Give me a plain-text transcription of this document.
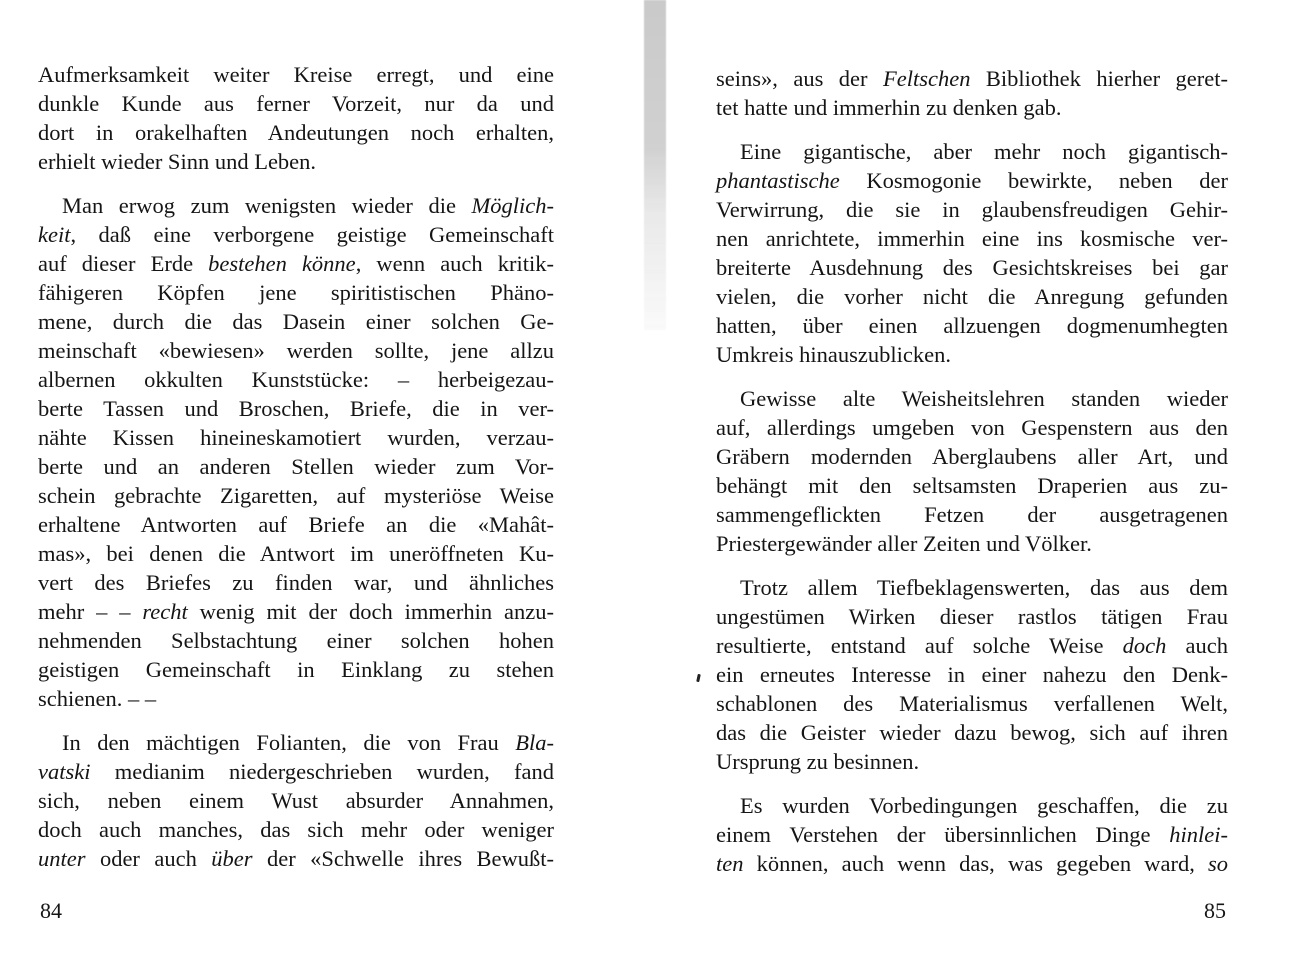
Aufmerksamkeit weiter Kreise erregt, und eine
dunkle Kunde aus ferner Vorzeit, nur da und
dort in orakelhaften Andeutungen noch erhalten,
erhielt wieder Sinn und Leben.
Man erwog zum wenigsten wieder die Möglich-
keit, daß eine verborgene geistige Gemeinschaft
auf dieser Erde bestehen könne, wenn auch kritik-
fähigeren Köpfen jene spiritistischen Phäno-
mene, durch die das Dasein einer solchen Ge-
meinschaft «bewiesen» werden sollte, jene allzu
albernen okkulten Kunststücke: – herbeigezau-
berte Tassen und Broschen, Briefe, die in ver-
nähte Kissen hineineskamotiert wurden, verzau-
berte und an anderen Stellen wieder zum Vor-
schein gebrachte Zigaretten, auf mysteriöse Weise
erhaltene Antworten auf Briefe an die «Mahât-
mas», bei denen die Antwort im uneröffneten Ku-
vert des Briefes zu finden war, und ähnliches
mehr – – recht wenig mit der doch immerhin anzu-
nehmenden Selbstachtung einer solchen hohen
geistigen Gemeinschaft in Einklang zu stehen
schienen. – –
In den mächtigen Folianten, die von Frau Bla-
vatski medianim niedergeschrieben wurden, fand
sich, neben einem Wust absurder Annahmen,
doch auch manches, das sich mehr oder weniger
unter oder auch über der «Schwelle ihres Bewußt-
84
seins», aus der Feltschen Bibliothek hierher geret-
tet hatte und immerhin zu denken gab.
Eine gigantische, aber mehr noch gigantisch-
phantastische Kosmogonie bewirkte, neben der
Verwirrung, die sie in glaubensfreudigen Gehir-
nen anrichtete, immerhin eine ins kosmische ver-
breiterte Ausdehnung des Gesichtskreises bei gar
vielen, die vorher nicht die Anregung gefunden
hatten, über einen allzuengen dogmenumhegten
Umkreis hinauszublicken.
Gewisse alte Weisheitslehren standen wieder
auf, allerdings umgeben von Gespenstern aus den
Gräbern modernden Aberglaubens aller Art, und
behängt mit den seltsamsten Draperien aus zu-
sammengeflickten Fetzen der ausgetragenen
Priestergewänder aller Zeiten und Völker.
Trotz allem Tiefbeklagenswerten, das aus dem
ungestümen Wirken dieser rastlos tätigen Frau
resultierte, entstand auf solche Weise doch auch
ein erneutes Interesse in einer nahezu den Denk-
schablonen des Materialismus verfallenen Welt,
das die Geister wieder dazu bewog, sich auf ihren
Ursprung zu besinnen.
Es wurden Vorbedingungen geschaffen, die zu
einem Verstehen der übersinnlichen Dinge hinlei-
ten können, auch wenn das, was gegeben ward, so
85
